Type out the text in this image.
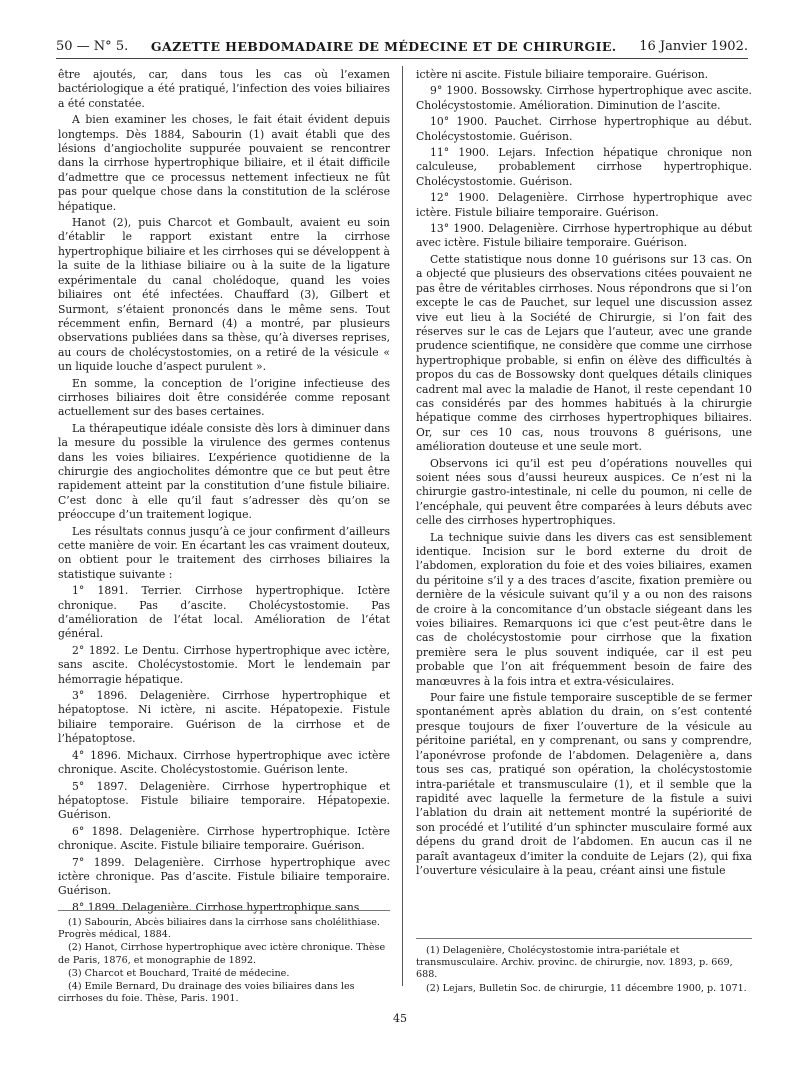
50 — N° 5. GAZETTE HEBDOMADAIRE DE MÉDECINE ET DE CHIRURGIE. 16 Janvier 1902.

être ajoutés, car, dans tous les cas où l’examen bactériologique a été pratiqué, l’infection des voies biliaires a été constatée.

A bien examiner les choses, le fait était évident depuis longtemps. Dès 1884, Sabourin (1) avait établi que des lésions d’angiocholite suppurée pouvaient se rencontrer dans la cirrhose hypertrophique biliaire, et il était difficile d’admettre que ce processus nettement infectieux ne fût pas pour quelque chose dans la constitution de la sclérose hépatique.

Hanot (2), puis Charcot et Gombault, avaient eu soin d’établir le rapport existant entre la cirrhose hypertrophique biliaire et les cirrhoses qui se développent à la suite de la lithiase biliaire ou à la suite de la ligature expérimentale du canal cholédoque, quand les voies biliaires ont été infectées. Chauffard (3), Gilbert et Surmont, s’étaient prononcés dans le même sens. Tout récemment enfin, Bernard (4) a montré, par plusieurs observations publiées dans sa thèse, qu’à diverses reprises, au cours de cholécystostomies, on a retiré de la vésicule « un liquide louche d’aspect purulent ».

En somme, la conception de l’origine infectieuse des cirrhoses biliaires doit être considérée comme reposant actuellement sur des bases certaines.

La thérapeutique idéale consiste dès lors à diminuer dans la mesure du possible la virulence des germes contenus dans les voies biliaires. L’expérience quotidienne de la chirurgie des angiocholites démontre que ce but peut être rapidement atteint par la constitution d’une fistule biliaire. C’est donc à elle qu’il faut s’adresser dès qu’on se préoccupe d’un traitement logique.

Les résultats connus jusqu’à ce jour confirment d’ailleurs cette manière de voir. En écartant les cas vraiment douteux, on obtient pour le traitement des cirrhoses biliaires la statistique suivante :

1° 1891. Terrier. Cirrhose hypertrophique. Ictère chronique. Pas d’ascite. Cholécystostomie. Pas d’amélioration de l’état local. Amélioration de l’état général.

2° 1892. Le Dentu. Cirrhose hypertrophique avec ictère, sans ascite. Cholécystostomie. Mort le lendemain par hémorragie hépatique.

3° 1896. Delagenière. Cirrhose hypertrophique et hépatoptose. Ni ictère, ni ascite. Hépatopexie. Fistule biliaire temporaire. Guérison de la cirrhose et de l’hépatoptose.

4° 1896. Michaux. Cirrhose hypertrophique avec ictère chronique. Ascite. Cholécystostomie. Guérison lente.

5° 1897. Delagenière. Cirrhose hypertrophique et hépatoptose. Fistule biliaire temporaire. Hépatopexie. Guérison.

6° 1898. Delagenière. Cirrhose hypertrophique. Ictère chronique. Ascite. Fistule biliaire temporaire. Guérison.

7° 1899. Delagenière. Cirrhose hypertrophique avec ictère chronique. Pas d’ascite. Fistule biliaire temporaire. Guérison.

8° 1899. Delagenière. Cirrhose hypertrophique sans

ictère ni ascite. Fistule biliaire temporaire. Guérison.

9° 1900. Bossowsky. Cirrhose hypertrophique avec ascite. Cholécystostomie. Amélioration. Diminution de l’ascite.

10° 1900. Pauchet. Cirrhose hypertrophique au début. Cholécystostomie. Guérison.

11° 1900. Lejars. Infection hépatique chronique non calculeuse, probablement cirrhose hypertrophique. Cholécystostomie. Guérison.

12° 1900. Delagenière. Cirrhose hypertrophique avec ictère. Fistule biliaire temporaire. Guérison.

13° 1900. Delagenière. Cirrhose hypertrophique au début avec ictère. Fistule biliaire temporaire. Guérison.

Cette statistique nous donne 10 guérisons sur 13 cas. On a objecté que plusieurs des observations citées pouvaient ne pas être de véritables cirrhoses. Nous répondrons que si l’on excepte le cas de Pauchet, sur lequel une discussion assez vive eut lieu à la Société de Chirurgie, si l’on fait des réserves sur le cas de Lejars que l’auteur, avec une grande prudence scientifique, ne considère que comme une cirrhose hypertrophique probable, si enfin on élève des difficultés à propos du cas de Bossowsky dont quelques détails cliniques cadrent mal avec la maladie de Hanot, il reste cependant 10 cas considérés par des hommes habitués à la chirurgie hépatique comme des cirrhoses hypertrophiques biliaires. Or, sur ces 10 cas, nous trouvons 8 guérisons, une amélioration douteuse et une seule mort.

Observons ici qu’il est peu d’opérations nouvelles qui soient nées sous d’aussi heureux auspices. Ce n’est ni la chirurgie gastro-intestinale, ni celle du poumon, ni celle de l’encéphale, qui peuvent être comparées à leurs débuts avec celle des cirrhoses hypertrophiques.

La technique suivie dans les divers cas est sensiblement identique. Incision sur le bord externe du droit de l’abdomen, exploration du foie et des voies biliaires, examen du péritoine s’il y a des traces d’ascite, fixation première ou dernière de la vésicule suivant qu’il y a ou non des raisons de croire à la concomitance d’un obstacle siégeant dans les voies biliaires. Remarquons ici que c’est peut-être dans le cas de cholécystostomie pour cirrhose que la fixation première sera le plus souvent indiquée, car il est peu probable que l’on ait fréquemment besoin de faire des manœuvres à la fois intra et extra-vésiculaires.

Pour faire une fistule temporaire susceptible de se fermer spontanément après ablation du drain, on s’est contenté presque toujours de fixer l’ouverture de la vésicule au péritoine pariétal, en y comprenant, ou sans y comprendre, l’aponévrose profonde de l’abdomen. Delagenière a, dans tous ses cas, pratiqué son opération, la cholécystostomie intra-pariétale et transmusculaire (1), et il semble que la rapidité avec laquelle la fermeture de la fistule a suivi l’ablation du drain ait nettement montré la supériorité de son procédé et l’utilité d’un sphincter musculaire formé aux dépens du grand droit de l’abdomen. En aucun cas il ne paraît avantageux d’imiter la conduite de Lejars (2), qui fixa l’ouverture vésiculaire à la peau, créant ainsi une fistule

(1) Sabourin, Abcès biliaires dans la cirrhose sans cholélithiase. Progrès médical, 1884.

(2) Hanot, Cirrhose hypertrophique avec ictère chronique. Thèse de Paris, 1876, et monographie de 1892.

(3) Charcot et Bouchard, Traité de médecine.

(4) Emile Bernard, Du drainage des voies biliaires dans les cirrhoses du foie. Thèse, Paris. 1901.

(1) Delagenière, Cholécystostomie intra-pariétale et transmusculaire. Archiv. provinc. de chirurgie, nov. 1893, p. 669, 688.

(2) Lejars, Bulletin Soc. de chirurgie, 11 décembre 1900, p. 1071.

45
